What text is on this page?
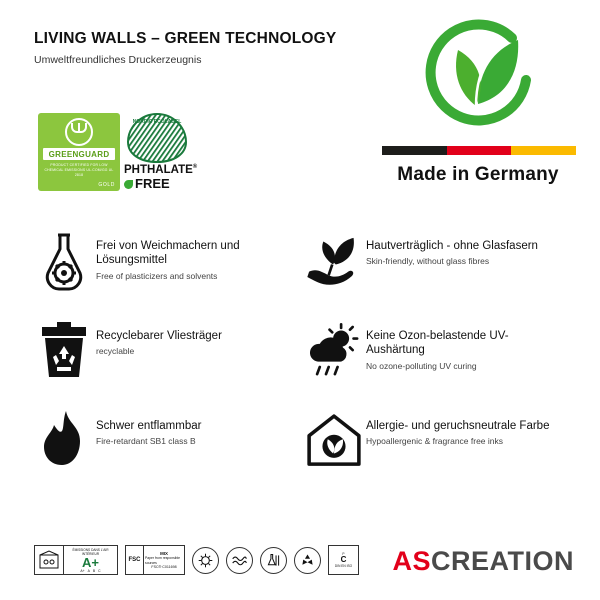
LIVING WALLS – GREEN TECHNOLOGY
Umweltfreundliches Druckerzeugnis
Made in Germany
GREENGUARD
PRODUCT CERTIFIED FOR LOW CHEMICAL EMISSIONS UL.COM/GG UL 2818
GOLD
NORDIC ECOLABEL
PHTHALATE®
FREE

Frei von Weichmachern und Lösungsmittel

Free of plasticizers and solvents

Hautverträglich - ohne Glasfasern

Skin-friendly, without glass fibres

Recyclebarer Vliesträger

recyclable

Keine Ozon-belastende UV-Aushärtung

No ozone-polluting UV curing

Schwer entflammbar

Fire-retardant SB1 class B

Allergie- und geruchsneutrale Farbe

Hypoallergenic & fragrance free inks

ÉMISSIONS DANS L'AIR INTÉRIEUR
A+
A+ A B C
FSC
MIX
Paper from responsible sources
FSC® C011698
P
C
DIN EN ISO ASCREATION
